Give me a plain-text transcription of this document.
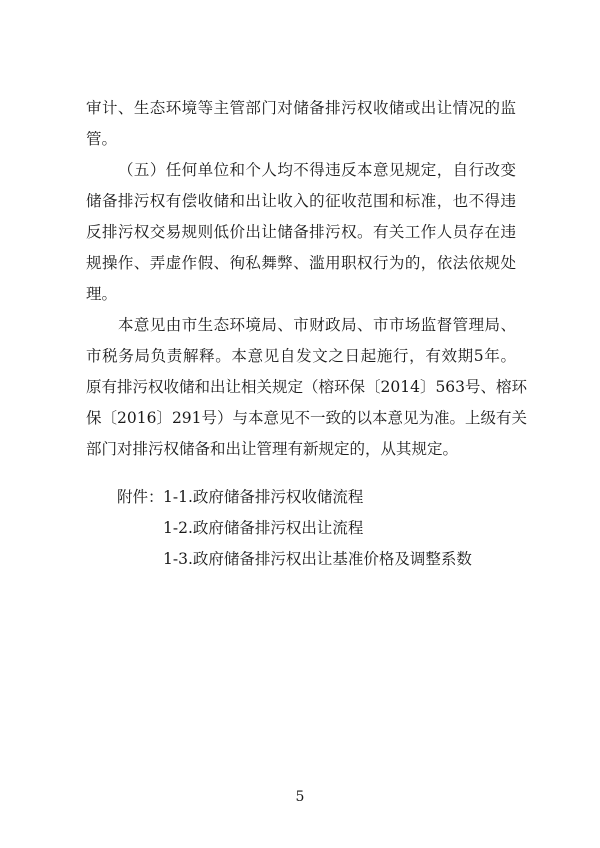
审计、生态环境等主管部门对储备排污权收储或出让情况的监
管。
（五）任何单位和个人均不得违反本意见规定，自行改变
储备排污权有偿收储和出让收入的征收范围和标准，也不得违
反排污权交易规则低价出让储备排污权。有关工作人员存在违
规操作、弄虚作假、徇私舞弊、滥用职权行为的，依法依规处
理。
本意见由市生态环境局、市财政局、市市场监督管理局、
市税务局负责解释。本意见自发文之日起施行，有效期5年。
原有排污权收储和出让相关规定（榕环保〔2014〕563号、榕环
保〔2016〕291号）与本意见不一致的以本意见为准。上级有关
部门对排污权储备和出让管理有新规定的，从其规定。
附件： 1-1.政府储备排污权收储流程
1-2.政府储备排污权出让流程
1-3.政府储备排污权出让基准价格及调整系数
5
